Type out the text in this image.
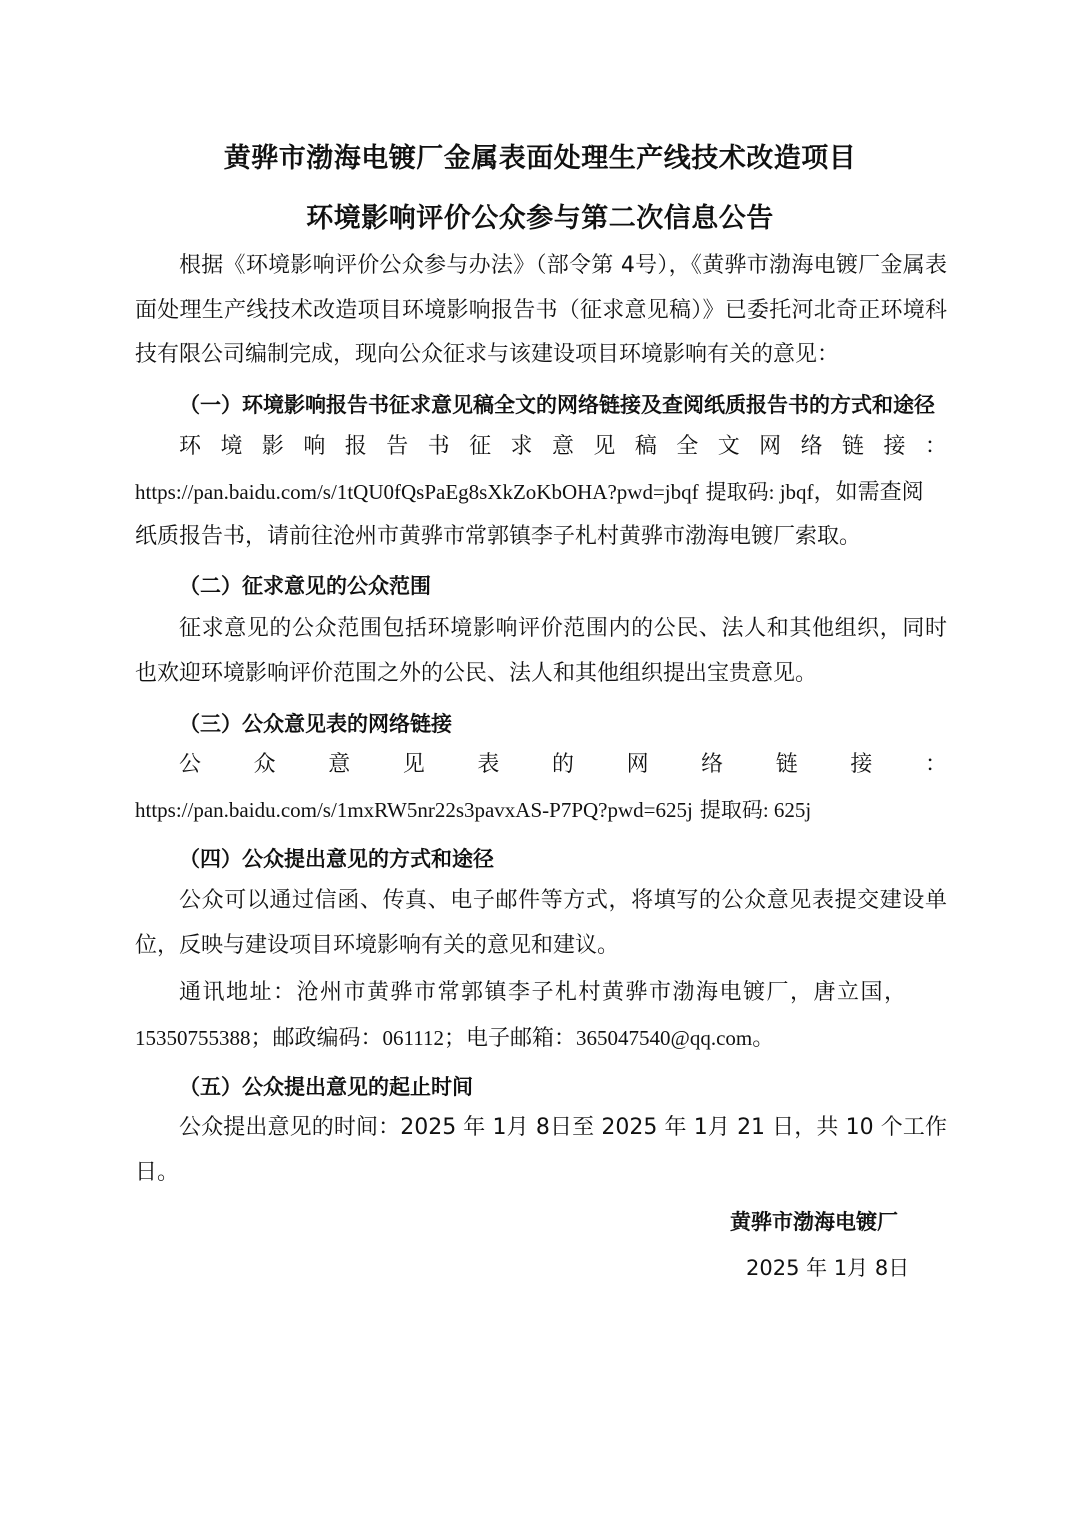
黄骅市渤海电镀厂金属表面处理生产线技术改造项目
环境影响评价公众参与第二次信息公告

根据《环境影响评价公众参与办法》（部令第 4号），《黄骅市渤海电镀厂金属表面处理生产线技术改造项目环境影响报告书（征求意见稿）》已委托河北奇正环境科技有限公司编制完成，现向公众征求与该建设项目环境影响有关的意见：

（一）环境影响报告书征求意见稿全文的网络链接及查阅纸质报告书的方式和途径

环 境 影 响 报 告 书 征 求 意 见 稿 全 文 网 络 链 接 ：
https://pan.baidu.com/s/1tQU0fQsPaEg8sXkZoKbOHA?pwd=jbqf 提取码: jbqf，如需查阅
纸质报告书，请前往沧州市黄骅市常郭镇李子札村黄骅市渤海电镀厂索取。

（二）征求意见的公众范围

征求意见的公众范围包括环境影响评价范围内的公民、法人和其他组织，同时也欢迎环境影响评价范围之外的公民、法人和其他组织提出宝贵意见。

（三）公众意见表的网络链接

公 众 意 见 表 的 网 络 链 接 ：
https://pan.baidu.com/s/1mxRW5nr22s3pavxAS-P7PQ?pwd=625j 提取码: 625j

（四）公众提出意见的方式和途径

公众可以通过信函、传真、电子邮件等方式，将填写的公众意见表提交建设单位，反映与建设项目环境影响有关的意见和建议。

通讯地址：沧州市黄骅市常郭镇李子札村黄骅市渤海电镀厂，唐立国，
15350755388；邮政编码：061112；电子邮箱：365047540@qq.com。

（五）公众提出意见的起止时间

公众提出意见的时间：2025 年 1月 8日至 2025 年 1月 21 日，共 10 个工作日。

黄骅市渤海电镀厂
2025 年 1月 8日
